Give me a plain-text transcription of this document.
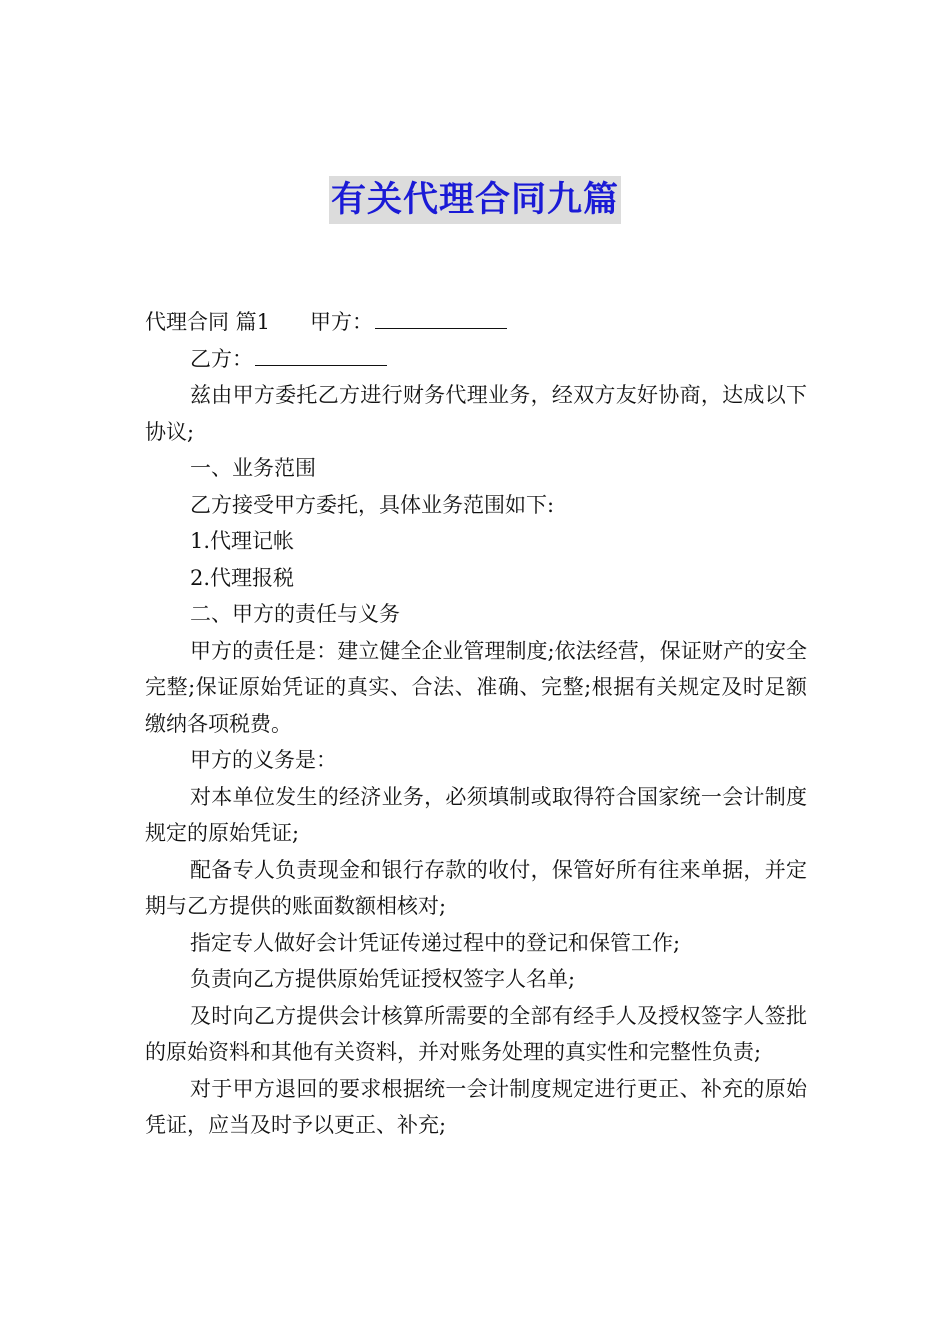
有关代理合同九篇

代理合同 篇1 甲方：

乙方：

兹由甲方委托乙方进行财务代理业务，经双方友好协商，达成以下协议;

一、业务范围

乙方接受甲方委托，具体业务范围如下:

1.代理记帐

2.代理报税

二、甲方的责任与义务

甲方的责任是：建立健全企业管理制度;依法经营，保证财产的安全完整;保证原始凭证的真实、合法、准确、完整;根据有关规定及时足额缴纳各项税费。

甲方的义务是：

对本单位发生的经济业务，必须填制或取得符合国家统一会计制度规定的原始凭证;

配备专人负责现金和银行存款的收付，保管好所有往来单据，并定期与乙方提供的账面数额相核对;

指定专人做好会计凭证传递过程中的登记和保管工作;

负责向乙方提供原始凭证授权签字人名单;

及时向乙方提供会计核算所需要的全部有经手人及授权签字人签批的原始资料和其他有关资料，并对账务处理的真实性和完整性负责;

对于甲方退回的要求根据统一会计制度规定进行更正、补充的原始凭证，应当及时予以更正、补充;
